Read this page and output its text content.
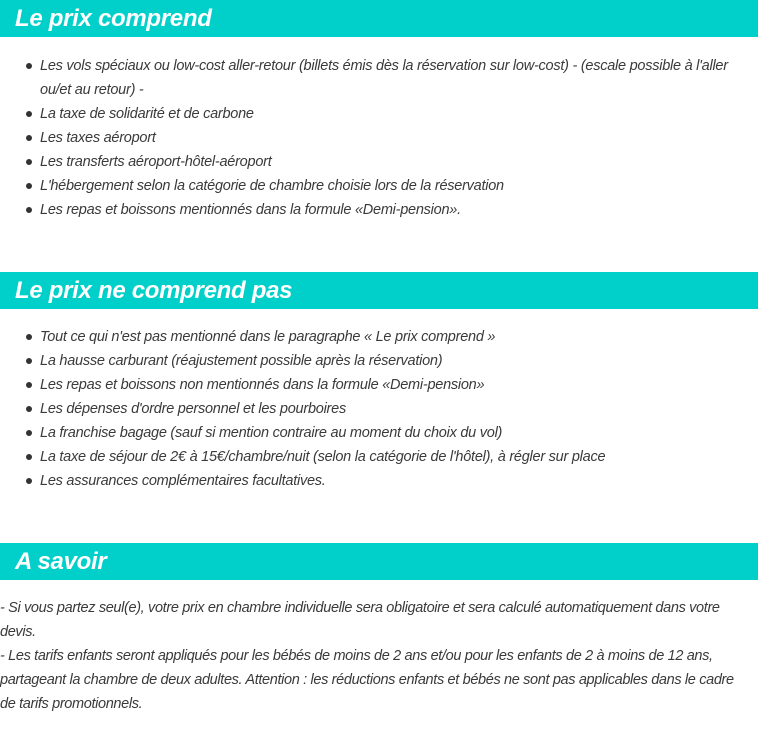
Le prix comprend
Les vols spéciaux ou low-cost aller-retour (billets émis dès la réservation sur low-cost) - (escale possible à l'aller ou/et au retour) -
La taxe de solidarité et de carbone
Les taxes aéroport
Les transferts aéroport-hôtel-aéroport
L'hébergement selon la catégorie de chambre choisie lors de la réservation
Les repas et boissons mentionnés dans la formule «Demi-pension».
Le prix ne comprend pas
Tout ce qui n'est pas mentionné dans le paragraphe « Le prix comprend »
La hausse carburant (réajustement possible après la réservation)
Les repas et boissons non mentionnés dans la formule «Demi-pension»
Les dépenses d'ordre personnel et les pourboires
La franchise bagage (sauf si mention contraire au moment du choix du vol)
La taxe de séjour de 2€ à 15€/chambre/nuit (selon la catégorie de l'hôtel), à régler sur place
Les assurances complémentaires facultatives.
A savoir

- Si vous partez seul(e), votre prix en chambre individuelle sera obligatoire et sera calculé automatiquement dans votre devis.

- Les tarifs enfants seront appliqués pour les bébés de moins de 2 ans et/ou pour les enfants de 2 à moins de 12 ans, partageant la chambre de deux adultes. Attention : les réductions enfants et bébés ne sont pas applicables dans le cadre de tarifs promotionnels.
